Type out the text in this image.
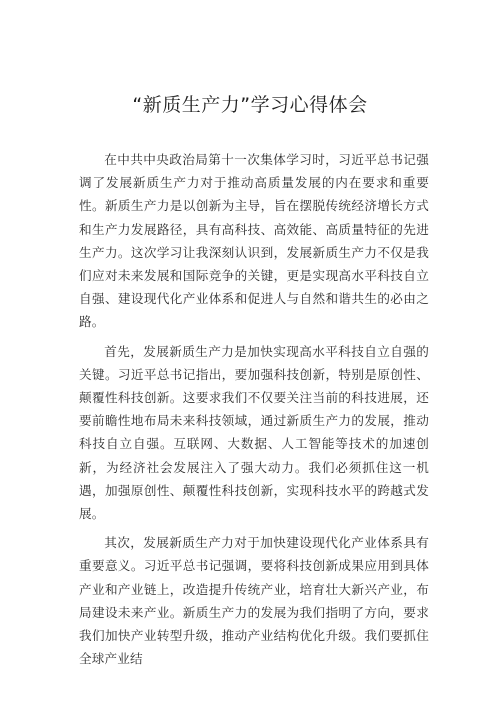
“新质生产力”学习心得体会

在中共中央政治局第十一次集体学习时，习近平总书记强调了发展新质生产力对于推动高质量发展的内在要求和重要性。新质生产力是以创新为主导，旨在摆脱传统经济增长方式和生产力发展路径，具有高科技、高效能、高质量特征的先进生产力。这次学习让我深刻认识到，发展新质生产力不仅是我们应对未来发展和国际竞争的关键，更是实现高水平科技自立自强、建设现代化产业体系和促进人与自然和谐共生的必由之路。

首先，发展新质生产力是加快实现高水平科技自立自强的关键。习近平总书记指出，要加强科技创新，特别是原创性、颠覆性科技创新。这要求我们不仅要关注当前的科技进展，还要前瞻性地布局未来科技领域，通过新质生产力的发展，推动科技自立自强。互联网、大数据、人工智能等技术的加速创新，为经济社会发展注入了强大动力。我们必须抓住这一机遇，加强原创性、颠覆性科技创新，实现科技水平的跨越式发展。

其次，发展新质生产力对于加快建设现代化产业体系具有重要意义。习近平总书记强调，要将科技创新成果应用到具体产业和产业链上，改造提升传统产业，培育壮大新兴产业，布局建设未来产业。新质生产力的发展为我们指明了方向，要求我们加快产业转型升级，推动产业结构优化升级。我们要抓住全球产业结
